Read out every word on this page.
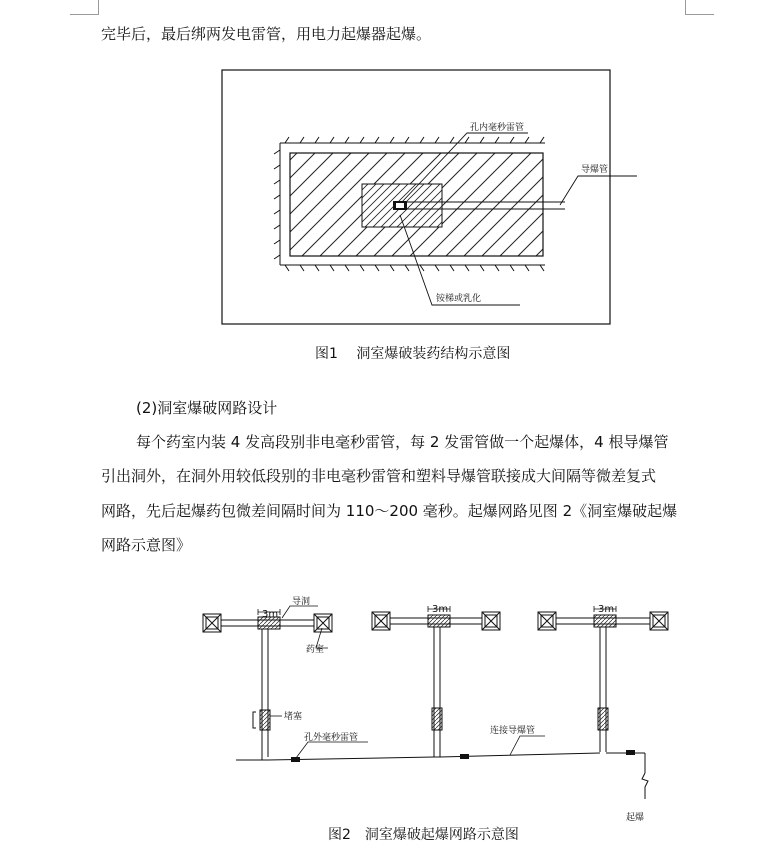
完毕后，最后绑两发电雷管，用电力起爆器起爆。
孔内毫秒雷管
导爆管
铵梯或乳化
图1　 洞室爆破装药结构示意图
(2)洞室爆破网路设计
每个药室内装 4 发高段别非电毫秒雷管，每 2 发雷管做一个起爆体，4 根导爆管
引出洞外，在洞外用较低段别的非电毫秒雷管和塑料导爆管联接成大间隔等微差复式
网路，先后起爆药包微差间隔时间为 110～200 毫秒。起爆网路见图 2《洞室爆破起爆
网路示意图》
3m	3m	3m
导洞
药室
堵塞
孔外毫秒雷管
连接导爆管
起爆
图2　洞室爆破起爆网路示意图
